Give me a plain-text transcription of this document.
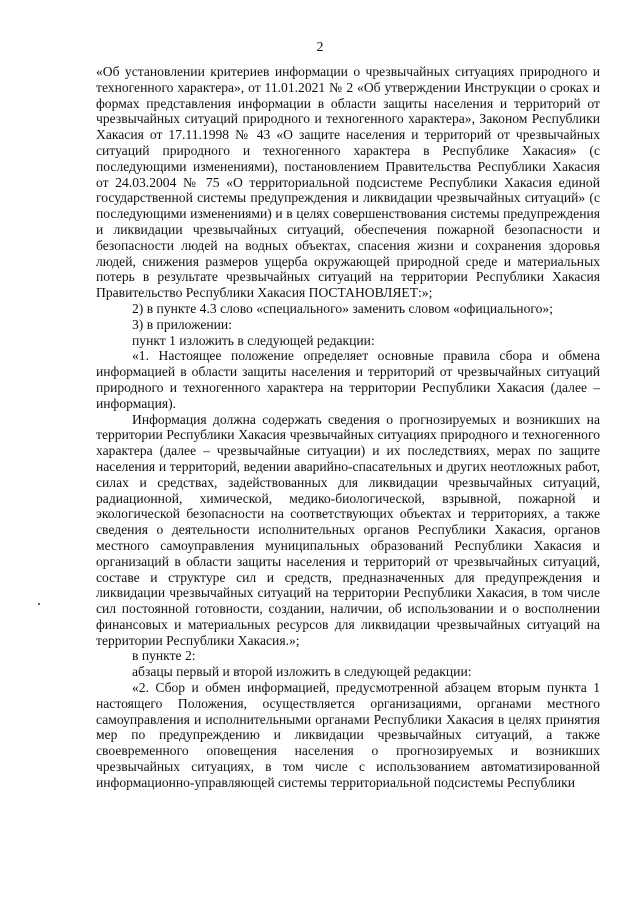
2

«Об установлении критериев информации о чрезвычайных ситуациях природного и техногенного характера», от 11.01.2021 № 2 «Об утверждении Инструкции о сроках и формах представления информации в области защиты населения и территорий от чрезвычайных ситуаций природного и техногенного характера», Законом Республики Хакасия от 17.11.1998 № 43 «О защите населения и территорий от чрезвычайных ситуаций природного и техногенного характера в Республике Хакасия» (с последующими изменениями), постановлением Правительства Республики Хакасия от 24.03.2004 № 75 «О территориальной подсистеме Республики Хакасия единой государственной системы предупреждения и ликвидации чрезвычайных ситуаций» (с последующими изменениями) и в целях совершенствования системы предупреждения и ликвидации чрезвычайных ситуаций, обеспечения пожарной безопасности и безопасности людей на водных объектах, спасения жизни и сохранения здоровья людей, снижения размеров ущерба окружающей природной среде и материальных потерь в результате чрезвычайных ситуаций на территории Республики Хакасия Правительство Республики Хакасия ПОСТАНОВЛЯЕТ:»;

2) в пункте 4.3 слово «специального» заменить словом «официального»;

3) в приложении:

пункт 1 изложить в следующей редакции:

«1. Настоящее положение определяет основные правила сбора и обмена информацией в области защиты населения и территорий от чрезвычайных ситуаций природного и техногенного характера на территории Республики Хакасия (далее – информация).

Информация должна содержать сведения о прогнозируемых и возникших на территории Республики Хакасия чрезвычайных ситуациях природного и техногенного характера (далее – чрезвычайные ситуации) и их последствиях, мерах по защите населения и территорий, ведении аварийно-спасательных и других неотложных работ, силах и средствах, задействованных для ликвидации чрезвычайных ситуаций, радиационной, химической, медико-биологической, взрывной, пожарной и экологической безопасности на соответствующих объектах и территориях, а также сведения о деятельности исполнительных органов Республики Хакасия, органов местного самоуправления муниципальных образований Республики Хакасия и организаций в области защиты населения и территорий от чрезвычайных ситуаций, составе и структуре сил и средств, предназначенных для предупреждения и ликвидации чрезвычайных ситуаций на территории Республики Хакасия, в том числе сил постоянной готовности, создании, наличии, об использовании и о восполнении финансовых и материальных ресурсов для ликвидации чрезвычайных ситуаций на территории Республики Хакасия.»;

в пункте 2:

абзацы первый и второй изложить в следующей редакции:

«2. Сбор и обмен информацией, предусмотренной абзацем вторым пункта 1 настоящего Положения, осуществляется организациями, органами местного самоуправления и исполнительными органами Республики Хакасия в целях принятия мер по предупреждению и ликвидации чрезвычайных ситуаций, а также своевременного оповещения населения о прогнозируемых и возникших чрезвычайных ситуациях, в том числе с использованием автоматизированной информационно-управляющей системы территориальной подсистемы Республики
